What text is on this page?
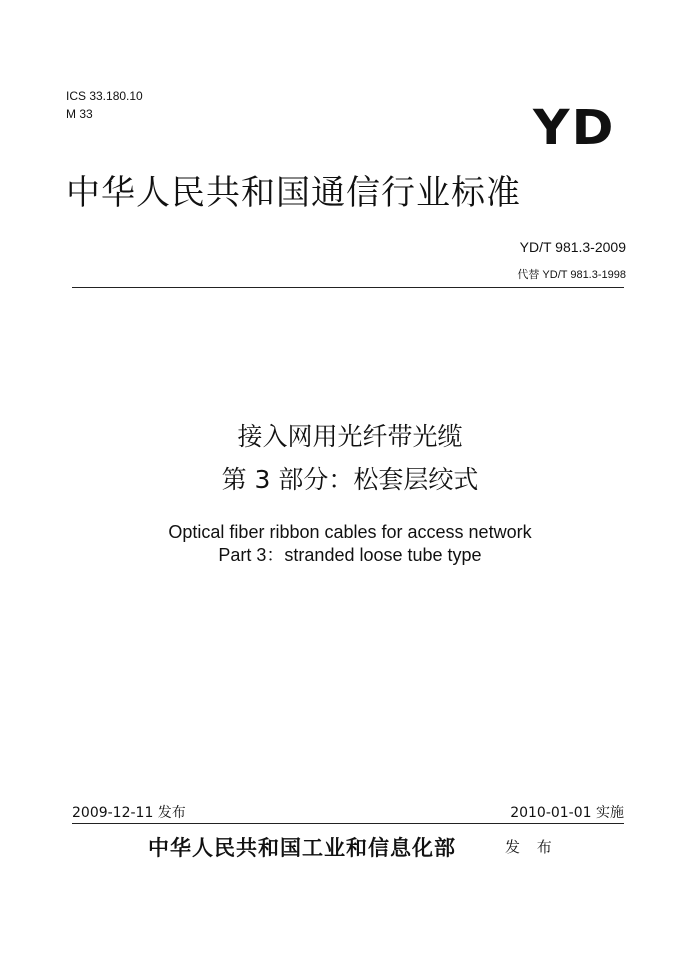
ICS 33.180.10
M 33	YD
中华人民共和国通信行业标准
YD/T 981.3-2009
代替 YD/T 981.3-1998
接入网用光纤带光缆
第 3 部分：松套层绞式
Optical fiber ribbon cables for access network
Part 3：stranded loose tube type
2009-12-11 发布	2010-01-01 实施
中华人民共和国工业和信息化部	发 布
